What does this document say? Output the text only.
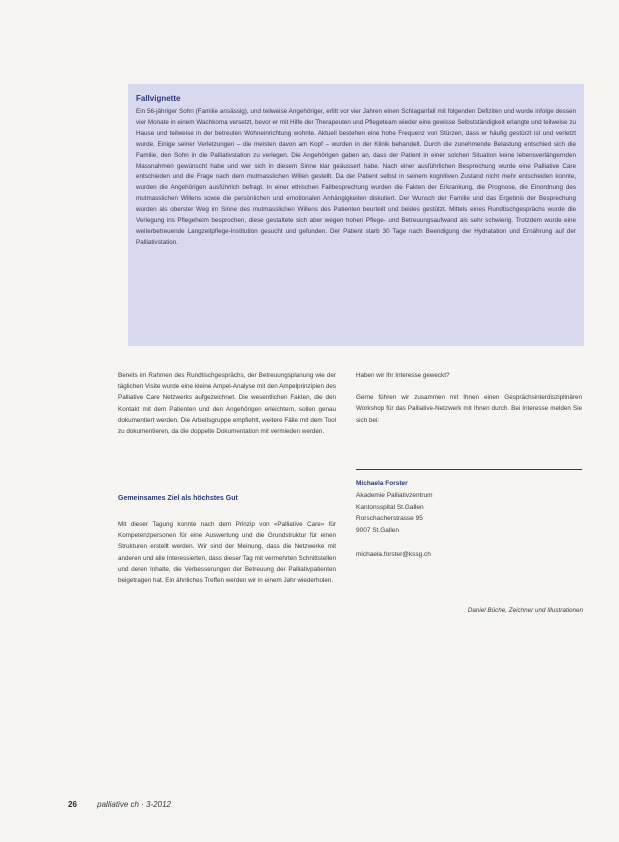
Fallvignette
Ein 56-jähriger Sohn (Familie ansässig), und teilweise Angehöriger, erlitt vor vier Jahren einen Schlaganfall mit folgenden Defiziten und wurde infolge dessen vier Monate in einem Wachkoma versetzt, bevor er mit Hilfe der Therapeuten und Pflegeteam wieder eine gewisse Selbstständigkeit erlangte und teilweise zu Hause und teilweise in der betreuten Wohneinrichtung wohnte. Aktuell bestehen eine hohe Frequenz von Stürzen, dass er häufig gestürzt ist und verletzt wurde. Einige seiner Verletzungen – die meisten davon am Kopf – wurden in der Klinik behandelt. Durch die zunehmende Belastung entschied sich die Familie, den Sohn in die Palliativstation zu verlegen. Die Angehörigen gaben an, dass der Patient in einer solchen Situation keine lebensverlängernden Massnahmen gewünscht habe und wer sich in diesem Sinne klar geäussert habe. Nach einer ausführlichen Besprechung wurde eine Palliative Care entschieden und die Frage nach dem mutmasslichen Willen gestellt. Da der Patient selbst in seinem kognitiven Zustand nicht mehr entscheiden konnte, wurden die Angehörigen ausführlich befragt. In einer ethischen Fallbesprechung wurden die Fakten der Erkrankung, die Prognose, die Einordnung des mutmasslichen Willens sowie die persönlichen und emotionalen Anhängigkeiten diskutiert. Der Wunsch der Familie und das Ergebnis der Besprechung wurden als oberster Weg im Sinne des mutmasslichen Willens des Patienten beurteilt und beides gestützt. Mittels eines Rundtischgesprächs wurde die Verlegung ins Pflegeheim besprochen, diese gestaltete sich aber wegen hohen Pflege- und Betreuungsaufwand als sehr schwierig. Trotzdem wurde eine weiterbetreuende Langzeitpflege-Institution gesucht und gefunden. Der Patient starb 30 Tage nach Beendigung der Hydratation und Ernährung auf der Palliativstation.
Bereits im Rahmen des Rundtischgesprächs, der Betreuungsplanung wie der täglichen Visite wurde eine kleine Ampel-Analyse mit den Ampelprinzipien des Palliative Care Netzwerks aufgezeichnet. Die wesentlichen Fakten, die den Kontakt mit dem Patienten und den Angehörigen erleichtern, sollen genau dokumentiert werden. Die Arbeitsgruppe empfiehlt, weitere Fälle mit dem Tool zu dokumentieren, da die doppelte Dokumentation mit vermieden werden.
Gemeinsames Ziel als höchstes Gut
Mit dieser Tagung konnte nach dem Prinzip von «Palliative Care» für Kompetenzpersonen für eine Auswertung und die Grundstruktur für einen Strukturen erstellt werden. Wir sind der Meinung, dass die Netzwerke mit anderen und alle Interessierten, dass dieser Tag mit vermehrten Schnittstellen und deren Inhalte, die Verbesserungen der Betreuung der Palliativpatienten beigetragen hat. Ein ähnliches Treffen werden wir in einem Jahr wiederholen.
Haben wir Ihr Interesse geweckt?
Gerne führen wir zusammen mit Ihnen einen Gesprächsinterdisziplinären Workshop für das Palliative-Netzwerk mit Ihnen durch. Bei Interesse melden Sie sich bei:
Michaela Forster
Akademie Palliativzentrum
Kantonsspital St.Gallen
Rorschacherstrasse 95
9007 St.Gallen
michaela.forster@kssg.ch
Daniel Büche, Zeichner und Illustrationen
26	palliative ch · 3-2012
